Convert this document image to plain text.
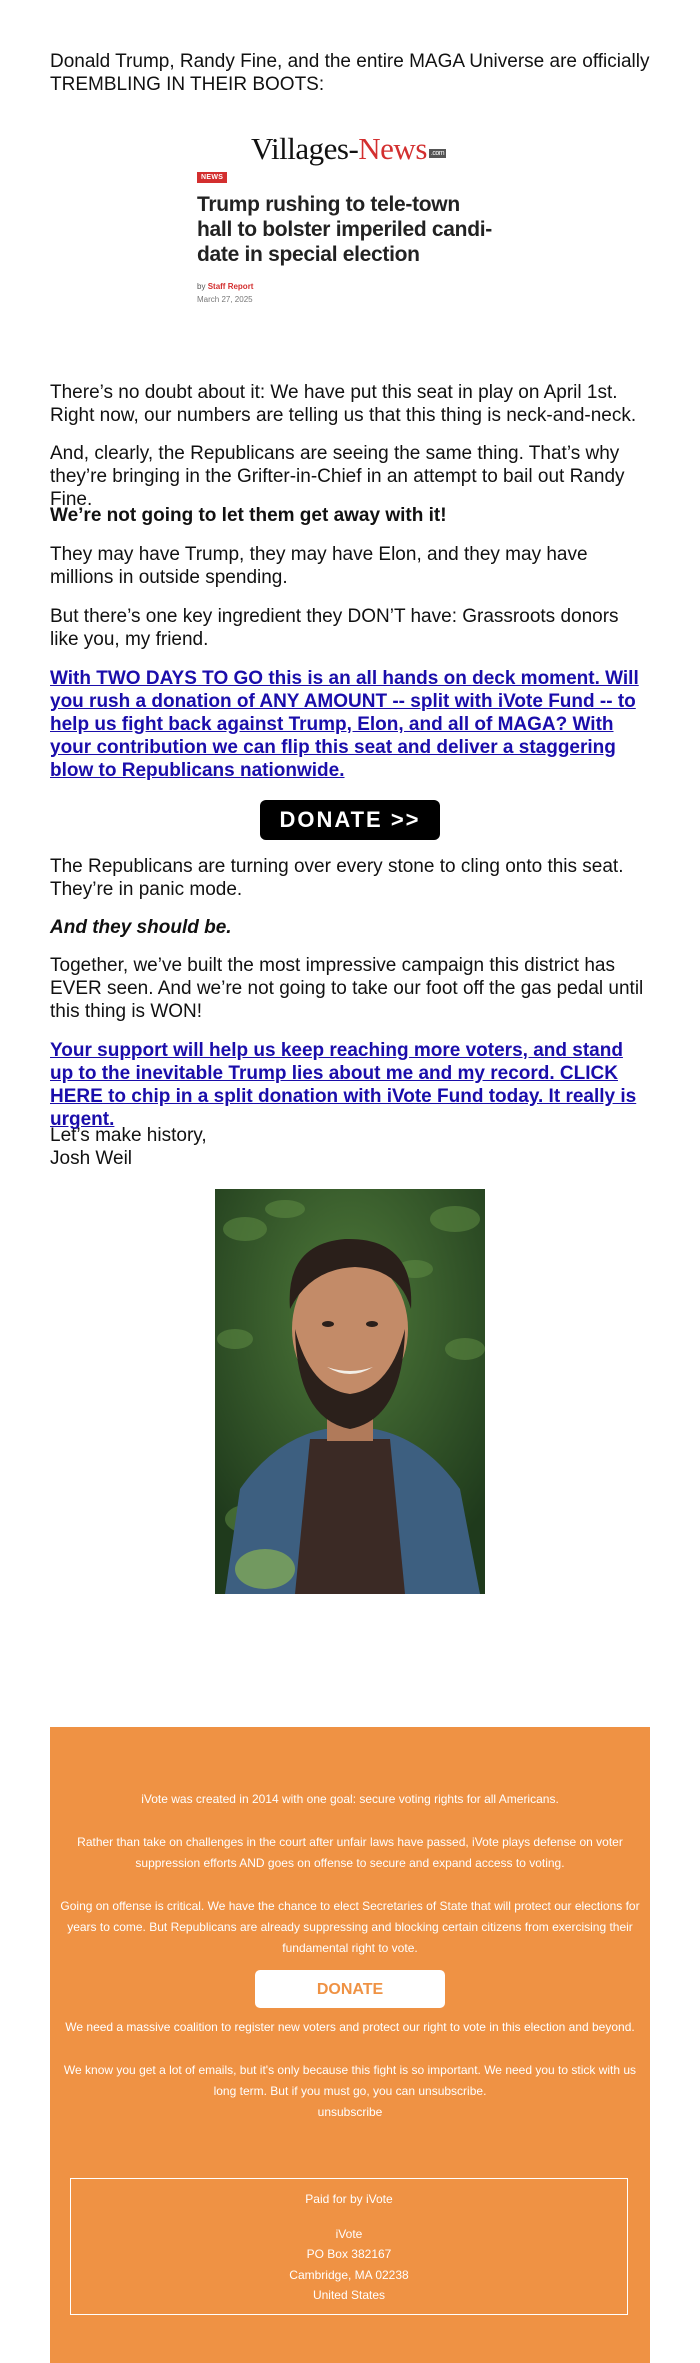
Donald Trump, Randy Fine, and the entire MAGA Universe are officially TREMBLING IN THEIR BOOTS:

Villages-News .com
NEWS
Trump rushing to tele-town
hall to bolster imperiled candi-
date in special election
by Staff Report
March 27, 2025

There’s no doubt about it: We have put this seat in play on April 1st. Right now, our numbers are telling us that this thing is neck-and-neck.

And, clearly, the Republicans are seeing the same thing. That’s why they’re bringing in the Grifter-in-Chief in an attempt to bail out Randy Fine.

We’re not going to let them get away with it!

They may have Trump, they may have Elon, and they may have millions in outside spending.

But there’s one key ingredient they DON’T have: Grassroots donors like you, my friend.

With TWO DAYS TO GO this is an all hands on deck moment. Will you rush a donation of ANY AMOUNT -- split with iVote Fund -- to help us fight back against Trump, Elon, and all of MAGA? With your contribution we can flip this seat and deliver a staggering blow to Republicans nationwide.

DONATE >>

The Republicans are turning over every stone to cling onto this seat. They’re in panic mode.

And they should be.

Together, we’ve built the most impressive campaign this district has EVER seen. And we’re not going to take our foot off the gas pedal until this thing is WON!

Your support will help us keep reaching more voters, and stand up to the inevitable Trump lies about me and my record. CLICK HERE to chip in a split donation with iVote Fund today. It really is urgent.

Let’s make history,

Josh Weil

iVote was created in 2014 with one goal: secure voting rights for all Americans.

Rather than take on challenges in the court after unfair laws have passed, iVote plays defense on voter suppression efforts AND goes on offense to secure and expand access to voting.

Going on offense is critical. We have the chance to elect Secretaries of State that will protect our elections for years to come. But Republicans are already suppressing and blocking certain citizens from exercising their fundamental right to vote.

DONATE

We need a massive coalition to register new voters and protect our right to vote in this election and beyond.

We know you get a lot of emails, but it's only because this fight is so important. We need you to stick with us long term. But if you must go, you can unsubscribe.

unsubscribe

Paid for by iVote

iVote

PO Box 382167

Cambridge, MA 02238

United States
